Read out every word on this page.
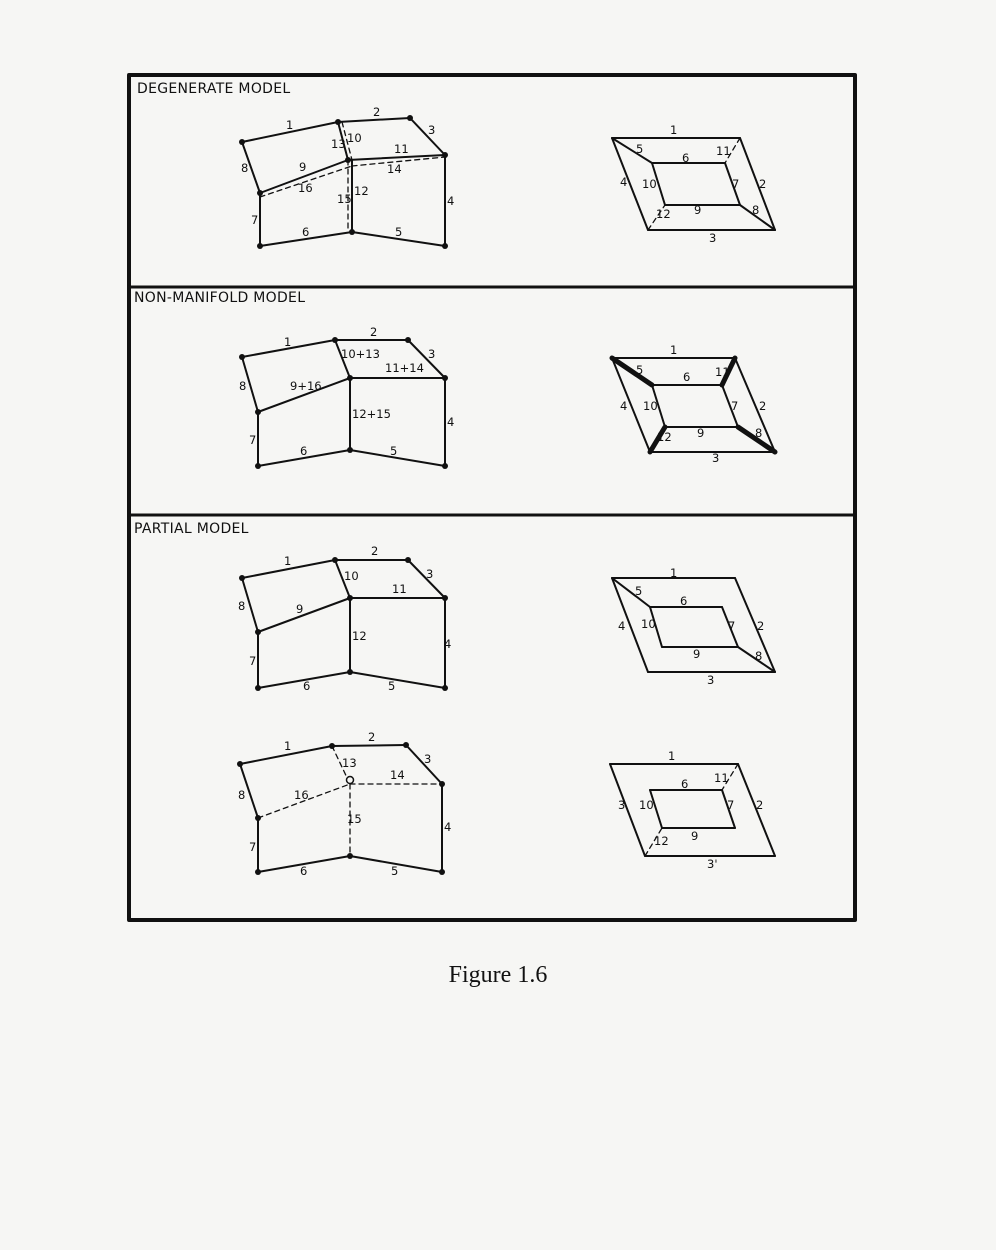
DEGENERATE MODEL
NON-MANIFOLD MODEL
PARTIAL MODEL
1
2
3
4
5
6
7
8	9
10
11
12
13
14
15
16
1
2
3
4
5
6
7
8
9
10
11
12
1
2
3
4
5
6
7
8	9+16
10+13
11+14
12+15
1
2
3
4
5	6
7
8
9
10
11
12
1
2
3
4
5
6
7
8	9
10
11
12
1
2
3
4
5
6
7
8
9
10
1
2
3
4
5
6
7
8
13
14
15
16
1
2
3
6
7
9
10
11
12
3'
Figure 1.6
